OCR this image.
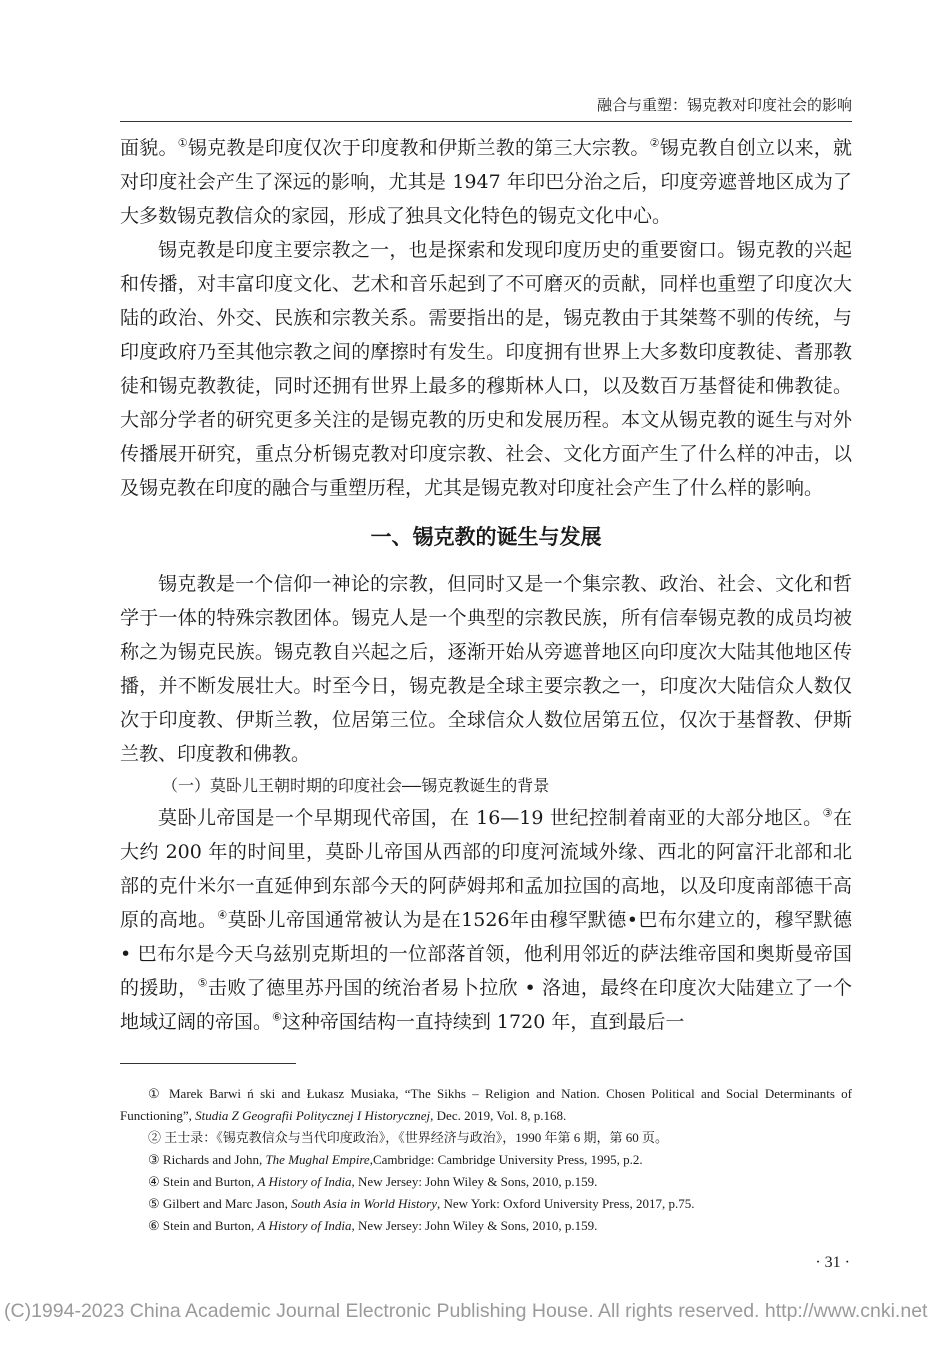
融合与重塑：锡克教对印度社会的影响

面貌。①锡克教是印度仅次于印度教和伊斯兰教的第三大宗教。②锡克教自创立以来，就对印度社会产生了深远的影响，尤其是 1947 年印巴分治之后，印度旁遮普地区成为了大多数锡克教信众的家园，形成了独具文化特色的锡克文化中心。

锡克教是印度主要宗教之一，也是探索和发现印度历史的重要窗口。锡克教的兴起和传播，对丰富印度文化、艺术和音乐起到了不可磨灭的贡献，同样也重塑了印度次大陆的政治、外交、民族和宗教关系。需要指出的是，锡克教由于其桀骜不驯的传统，与印度政府乃至其他宗教之间的摩擦时有发生。印度拥有世界上大多数印度教徒、耆那教徒和锡克教教徒，同时还拥有世界上最多的穆斯林人口，以及数百万基督徒和佛教徒。大部分学者的研究更多关注的是锡克教的历史和发展历程。本文从锡克教的诞生与对外传播展开研究，重点分析锡克教对印度宗教、社会、文化方面产生了什么样的冲击，以及锡克教在印度的融合与重塑历程，尤其是锡克教对印度社会产生了什么样的影响。

一、锡克教的诞生与发展

锡克教是一个信仰一神论的宗教，但同时又是一个集宗教、政治、社会、文化和哲学于一体的特殊宗教团体。锡克人是一个典型的宗教民族，所有信奉锡克教的成员均被称之为锡克民族。锡克教自兴起之后，逐渐开始从旁遮普地区向印度次大陆其他地区传播，并不断发展壮大。时至今日，锡克教是全球主要宗教之一，印度次大陆信众人数仅次于印度教、伊斯兰教，位居第三位。全球信众人数位居第五位，仅次于基督教、伊斯兰教、印度教和佛教。

（一）莫卧儿王朝时期的印度社会——锡克教诞生的背景

莫卧儿帝国是一个早期现代帝国，在 16—19 世纪控制着南亚的大部分地区。③在大约 200 年的时间里，莫卧儿帝国从西部的印度河流域外缘、西北的阿富汗北部和北部的克什米尔一直延伸到东部今天的阿萨姆邦和孟加拉国的高地，以及印度南部德干高原的高地。④莫卧儿帝国通常被认为是在1526年由穆罕默德•巴布尔建立的，穆罕默德 • 巴布尔是今天乌兹别克斯坦的一位部落首领，他利用邻近的萨法维帝国和奥斯曼帝国的援助，⑤击败了德里苏丹国的统治者易卜拉欣 • 洛迪，最终在印度次大陆建立了一个地域辽阔的帝国。⑥这种帝国结构一直持续到 1720 年，直到最后一

① Marek Barwi ń ski and Łukasz Musiaka, “The Sikhs – Religion and Nation. Chosen Political and Social Determinants of Functioning”, Studia Z Geografii Politycznej I Historycznej, Dec. 2019, Vol. 8, p.168.

② 王士录：《锡克教信众与当代印度政治》，《世界经济与政治》，1990 年第 6 期，第 60 页。

③ Richards and John, The Mughal Empire,Cambridge: Cambridge University Press, 1995, p.2.

④ Stein and Burton, A History of India, New Jersey: John Wiley & Sons, 2010, p.159.

⑤ Gilbert and Marc Jason, South Asia in World History, New York: Oxford University Press, 2017, p.75.

⑥ Stein and Burton, A History of India, New Jersey: John Wiley & Sons, 2010, p.159.

· 31 ·
(C)1994-2023 China Academic Journal Electronic Publishing House. All rights reserved. http://www.cnki.net
